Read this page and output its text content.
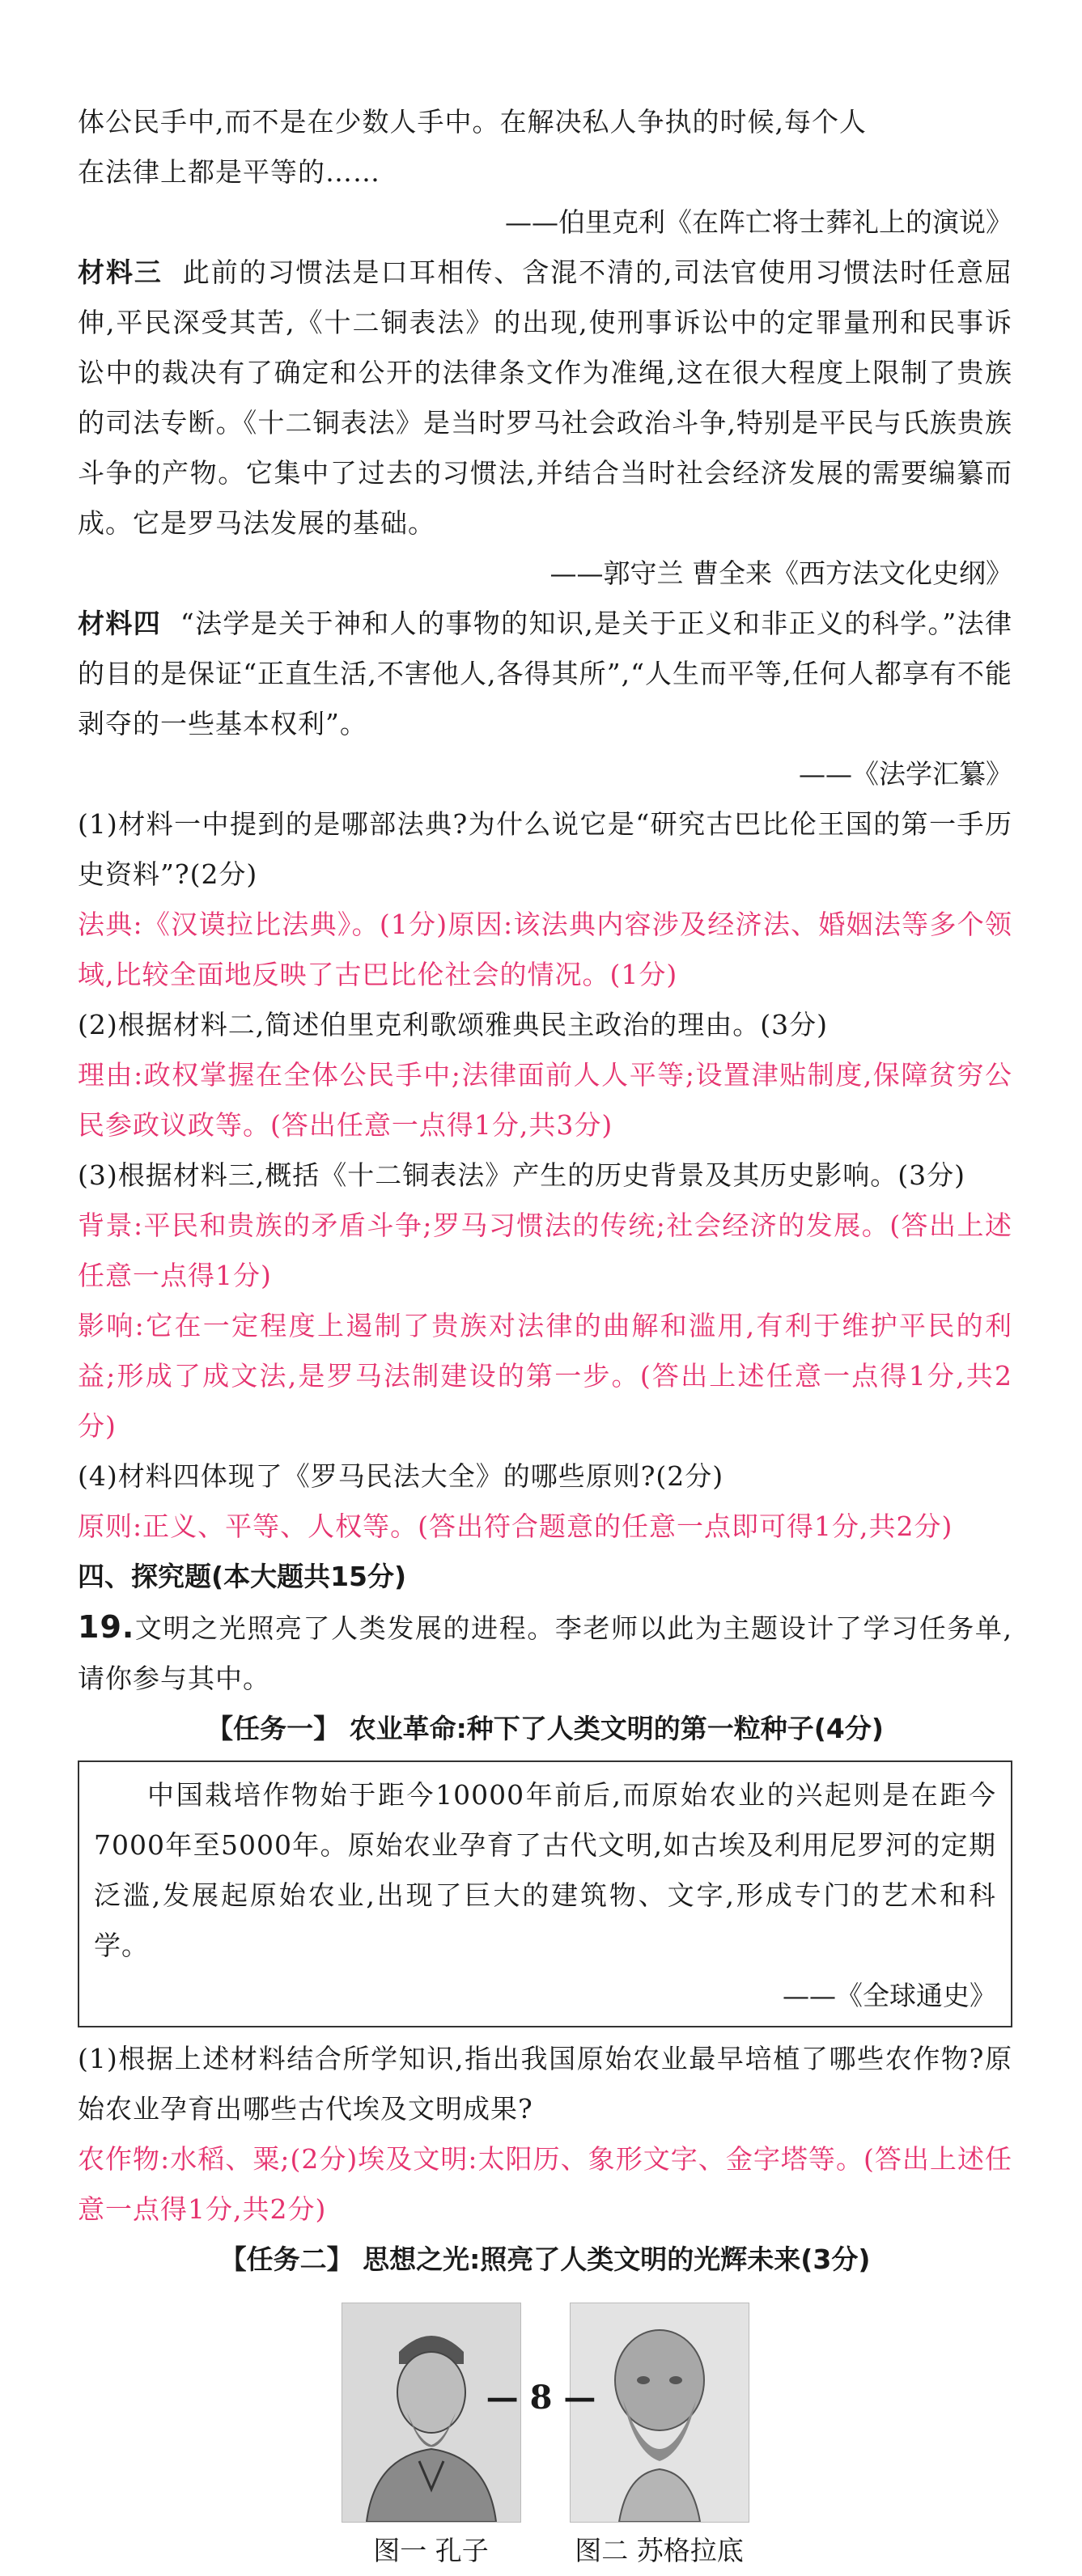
体公民手中,而不是在少数人手中。在解决私人争执的时候,每个人

在法律上都是平等的……

——伯里克利《在阵亡将士葬礼上的演说》

材料三 此前的习惯法是口耳相传、含混不清的,司法官使用习惯法时任意屈伸,平民深受其苦,《十二铜表法》的出现,使刑事诉讼中的定罪量刑和民事诉讼中的裁决有了确定和公开的法律条文作为准绳,这在很大程度上限制了贵族的司法专断。《十二铜表法》是当时罗马社会政治斗争,特别是平民与氏族贵族斗争的产物。它集中了过去的习惯法,并结合当时社会经济发展的需要编纂而成。它是罗马法发展的基础。

——郭守兰 曹全来《西方法文化史纲》

材料四 “法学是关于神和人的事物的知识,是关于正义和非正义的科学。”法律的目的是保证“正直生活,不害他人,各得其所”,“人生而平等,任何人都享有不能剥夺的一些基本权利”。

——《法学汇纂》

(1)材料一中提到的是哪部法典?为什么说它是“研究古巴比伦王国的第一手历史资料”?(2分)

法典:《汉谟拉比法典》。(1分)原因:该法典内容涉及经济法、婚姻法等多个领域,比较全面地反映了古巴比伦社会的情况。(1分)

(2)根据材料二,简述伯里克利歌颂雅典民主政治的理由。(3分)

理由:政权掌握在全体公民手中;法律面前人人平等;设置津贴制度,保障贫穷公民参政议政等。(答出任意一点得1分,共3分)

(3)根据材料三,概括《十二铜表法》产生的历史背景及其历史影响。(3分)

背景:平民和贵族的矛盾斗争;罗马习惯法的传统;社会经济的发展。(答出上述任意一点得1分)

影响:它在一定程度上遏制了贵族对法律的曲解和滥用,有利于维护平民的利益;形成了成文法,是罗马法制建设的第一步。(答出上述任意一点得1分,共2分)

(4)材料四体现了《罗马民法大全》的哪些原则?(2分)

原则:正义、平等、人权等。(答出符合题意的任意一点即可得1分,共2分)

四、探究题(本大题共15分)

19.文明之光照亮了人类发展的进程。李老师以此为主题设计了学习任务单,请你参与其中。

【任务一】 农业革命:种下了人类文明的第一粒种子(4分)

中国栽培作物始于距今10000年前后,而原始农业的兴起则是在距今7000年至5000年。原始农业孕育了古代文明,如古埃及利用尼罗河的定期泛滥,发展起原始农业,出现了巨大的建筑物、文字,形成专门的艺术和科学。

——《全球通史》

(1)根据上述材料结合所学知识,指出我国原始农业最早培植了哪些农作物?原始农业孕育出哪些古代埃及文明成果?

农作物:水稻、粟;(2分)埃及文明:太阳历、象形文字、金字塔等。(答出上述任意一点得1分,共2分)

【任务二】 思想之光:照亮了人类文明的光辉未来(3分)

图一 孔子	图二 苏格拉底
— 8 —
